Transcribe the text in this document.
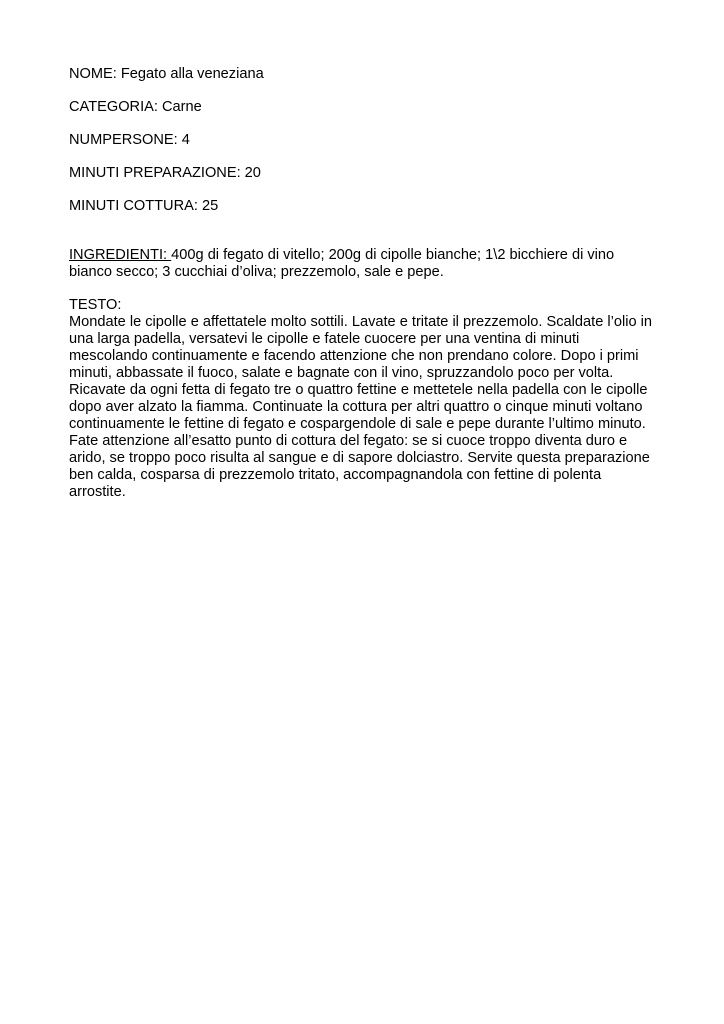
NOME: Fegato alla veneziana

CATEGORIA: Carne

NUMPERSONE: 4

MINUTI PREPARAZIONE: 20

MINUTI COTTURA: 25

INGREDIENTI: 400g di fegato di vitello; 200g di cipolle bianche; 1\2 bicchiere di vino bianco secco; 3 cucchiai d’oliva; prezzemolo, sale e pepe.

TESTO:

Mondate le cipolle e affettatele molto sottili. Lavate e tritate il prezzemolo. Scaldate l’olio in una larga padella, versatevi le cipolle e fatele cuocere per una ventina di minuti mescolando continuamente e facendo attenzione che non prendano colore. Dopo i primi minuti, abbassate il fuoco, salate e bagnate con il vino, spruzzandolo poco per volta. Ricavate da ogni fetta di fegato tre o quattro fettine e mettetele nella padella con le cipolle dopo aver alzato la fiamma. Continuate la cottura per altri quattro o cinque minuti voltano continuamente le fettine di fegato e cospargendole di sale e pepe durante l’ultimo minuto. Fate attenzione all’esatto punto di cottura del fegato: se si cuoce troppo diventa duro e arido, se troppo poco risulta al sangue e di sapore dolciastro. Servite questa preparazione ben calda, cosparsa di prezzemolo tritato, accompagnandola con fettine di polenta arrostite.
